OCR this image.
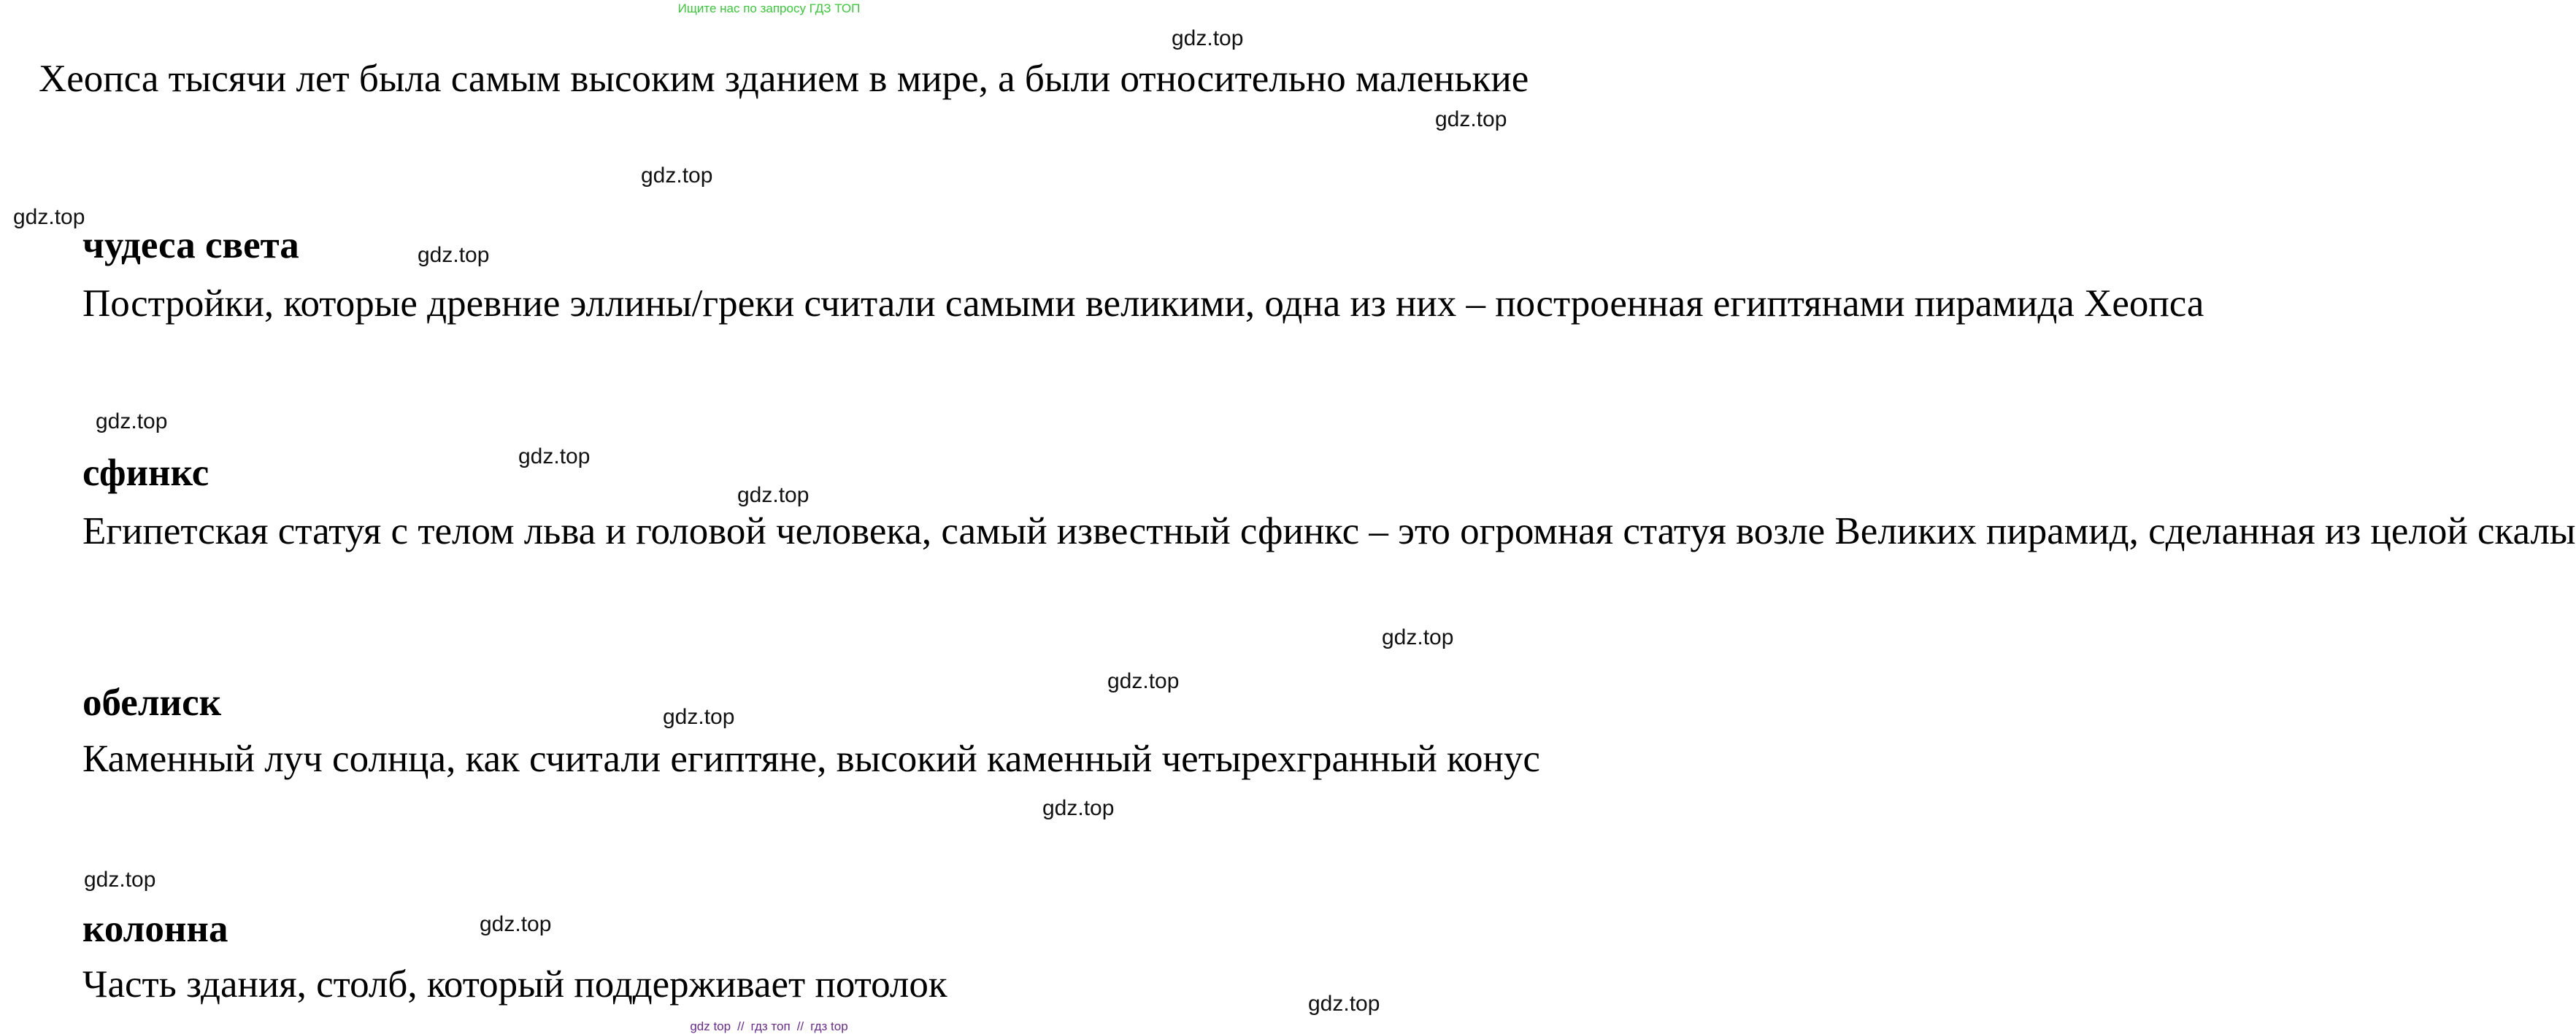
Ищите нас по запросу ГДЗ ТОП
Хеопса тысячи лет была самым высоким зданием в мире, а были относительно маленькие
чудеса света
Постройки, которые древние эллины/греки считали самыми великими, одна из них – построенная египтянами пирамида Хеопса
сфинкс
Египетская статуя с телом льва и головой человека, самый известный сфинкс – это огромная статуя возле Великих пирамид, сделанная из целой скалы
обелиск
Каменный луч солнца, как считали египтяне, высокий каменный четырехгранный конус
колонна
Часть здания, столб, который поддерживает потолок
gdz.top
gdz.top
gdz.top
gdz.top
gdz.top
gdz.top
gdz.top
gdz.top
gdz.top
gdz.top
gdz.top
gdz.top
gdz.top
gdz.top
gdz.top
gdz top // гдз топ // гдз top
